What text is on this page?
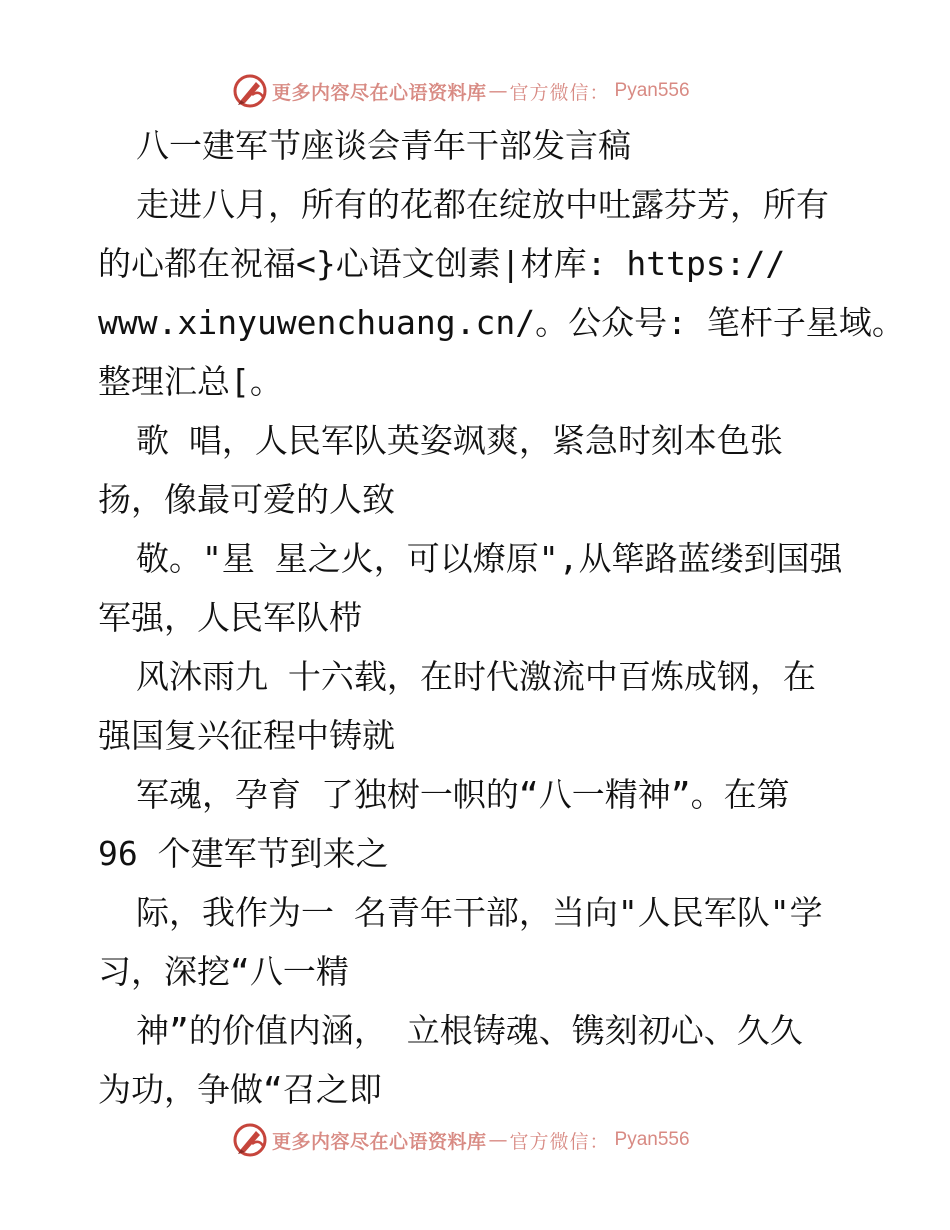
更多内容尽在心语资料库 — 官方微信 ： Pyan556
八一建军节座谈会青年干部发言稿
走进八月，所有的花都在绽放中吐露芬芳，所有
的心都在祝福<}心语文创素|材库: https://
www.xinyuwenchuang.cn/。公众号: 笔杆子星域。
整理汇总[。
歌 唱，人民军队英姿飒爽，紧急时刻本色张
扬，像最可爱的人致
敬。"星 星之火，可以燎原",从筚路蓝缕到国强
军强，人民军队栉
风沐雨九 十六载，在时代激流中百炼成钢，在
强国复兴征程中铸就
军魂，孕育 了独树一帜的“八一精神”。在第
96 个建军节到来之
际，我作为一 名青年干部，当向"人民军队"学
习，深挖“八一精
神”的价值内涵， 立根铸魂、镌刻初心、久久
为功，争做“召之即
更多内容尽在心语资料库 — 官方微信 ： Pyan556
